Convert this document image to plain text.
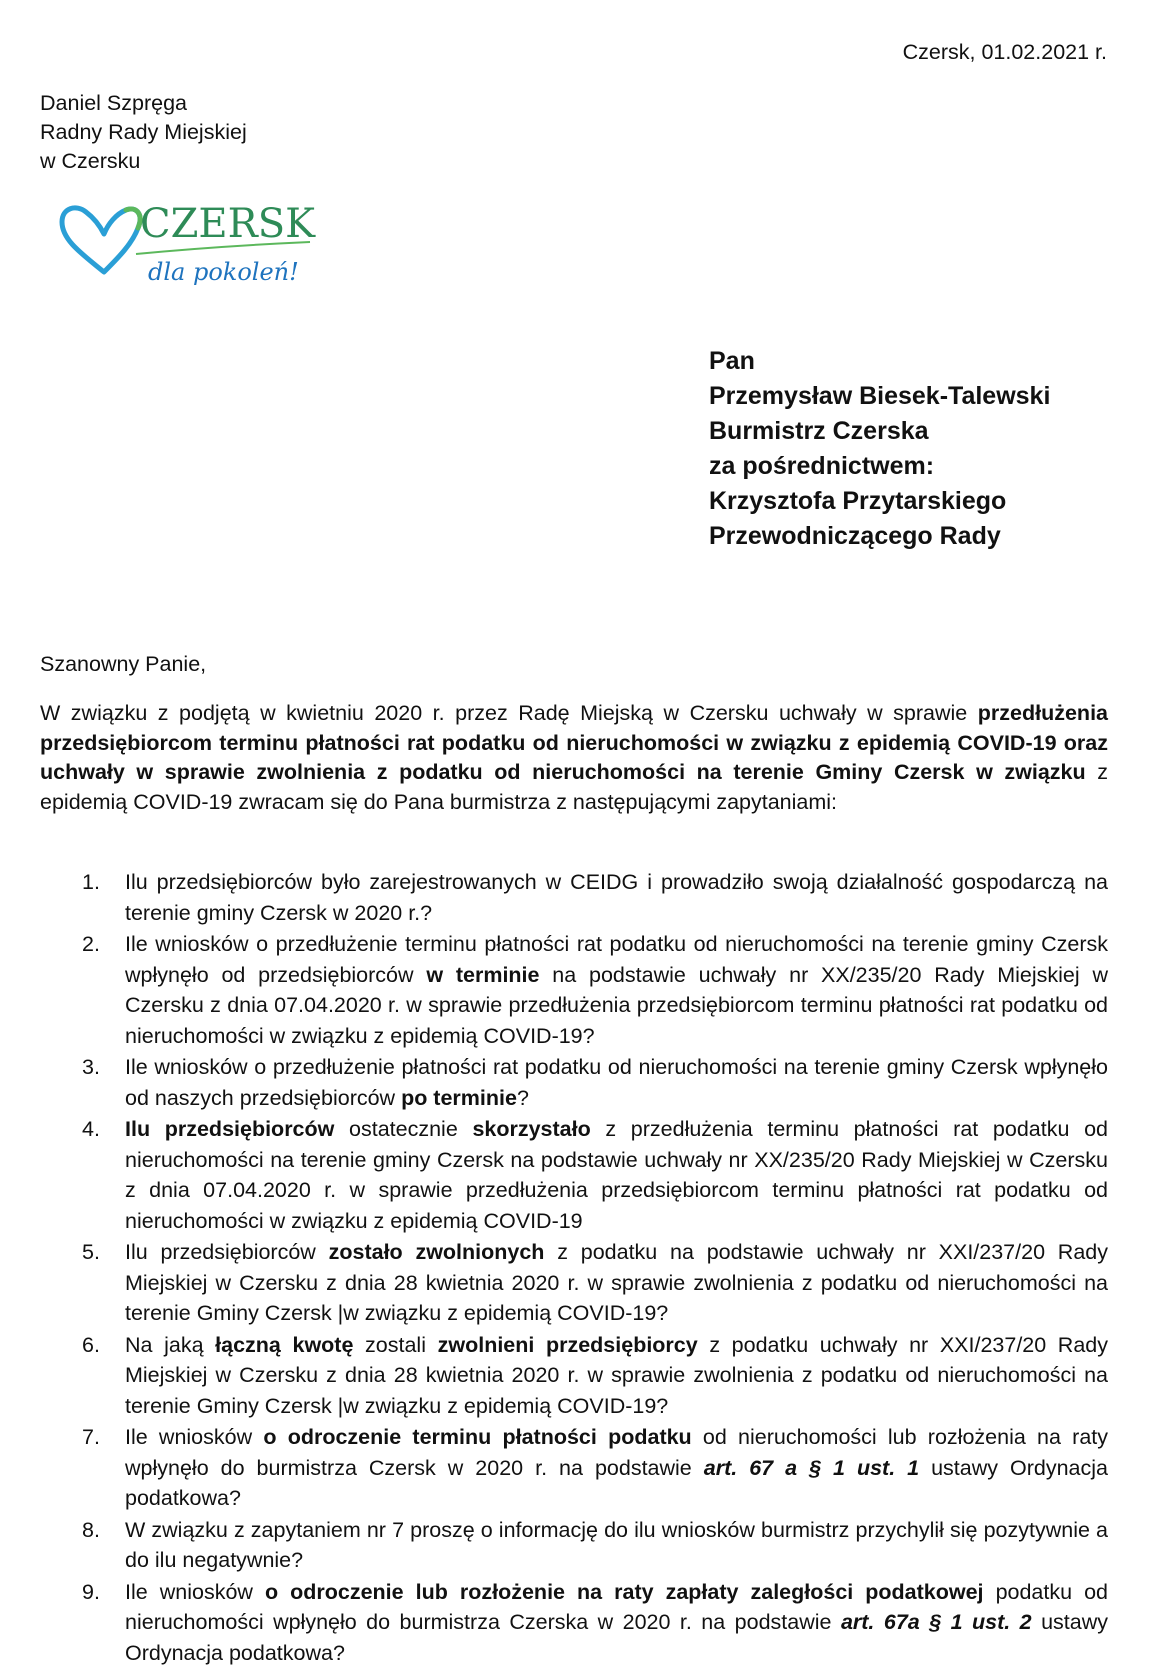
Czersk, 01.02.2021 r.
Daniel Szpręga
Radny Rady Miejskiej
w Czersku
CZERSK
dla pokoleń!
Pan
Przemysław Biesek-Talewski
Burmistrz Czerska
za pośrednictwem:
Krzysztofa Przytarskiego
Przewodniczącego Rady
Szanowny Panie,
W związku z podjętą w kwietniu 2020 r. przez Radę Miejską w Czersku uchwały w sprawie przedłużenia przedsiębiorcom terminu płatności rat podatku od nieruchomości w związku z epidemią COVID-19 oraz uchwały w sprawie zwolnienia z podatku od nieruchomości na terenie Gminy Czersk w związku z epidemią COVID-19 zwracam się do Pana burmistrza z następującymi zapytaniami:
1. Ilu przedsiębiorców było zarejestrowanych w CEIDG i prowadziło swoją działalność gospodarczą na terenie gminy Czersk w 2020 r.?
2. Ile wniosków o przedłużenie terminu płatności rat podatku od nieruchomości na terenie gminy Czersk wpłynęło od przedsiębiorców w terminie na podstawie uchwały nr XX/235/20 Rady Miejskiej w Czersku z dnia 07.04.2020 r. w sprawie przedłużenia przedsiębiorcom terminu płatności rat podatku od nieruchomości w związku z epidemią COVID-19?
3. Ile wniosków o przedłużenie płatności rat podatku od nieruchomości na terenie gminy Czersk wpłynęło od naszych przedsiębiorców po terminie?
4. Ilu przedsiębiorców ostatecznie skorzystało z przedłużenia terminu płatności rat podatku od nieruchomości na terenie gminy Czersk na podstawie uchwały nr XX/235/20 Rady Miejskiej w Czersku z dnia 07.04.2020 r. w sprawie przedłużenia przedsiębiorcom terminu płatności rat podatku od nieruchomości w związku z epidemią COVID-19
5. Ilu przedsiębiorców zostało zwolnionych z podatku na podstawie uchwały nr XXI/237/20 Rady Miejskiej w Czersku z dnia 28 kwietnia 2020 r. w sprawie zwolnienia z podatku od nieruchomości na terenie Gminy Czersk |w związku z epidemią COVID-19?
6. Na jaką łączną kwotę zostali zwolnieni przedsiębiorcy z podatku uchwały nr XXI/237/20 Rady Miejskiej w Czersku z dnia 28 kwietnia 2020 r. w sprawie zwolnienia z podatku od nieruchomości na terenie Gminy Czersk |w związku z epidemią COVID-19?
7. Ile wniosków o odroczenie terminu płatności podatku od nieruchomości lub rozłożenia na raty wpłynęło do burmistrza Czersk w 2020 r. na podstawie art. 67 a § 1 ust. 1 ustawy Ordynacja podatkowa?
8. W związku z zapytaniem nr 7 proszę o informację do ilu wniosków burmistrz przychylił się pozytywnie a do ilu negatywnie?
9. Ile wniosków o odroczenie lub rozłożenie na raty zapłaty zaległości podatkowej podatku od nieruchomości wpłynęło do burmistrza Czerska w 2020 r. na podstawie art. 67a § 1 ust. 2 ustawy Ordynacja podatkowa?
